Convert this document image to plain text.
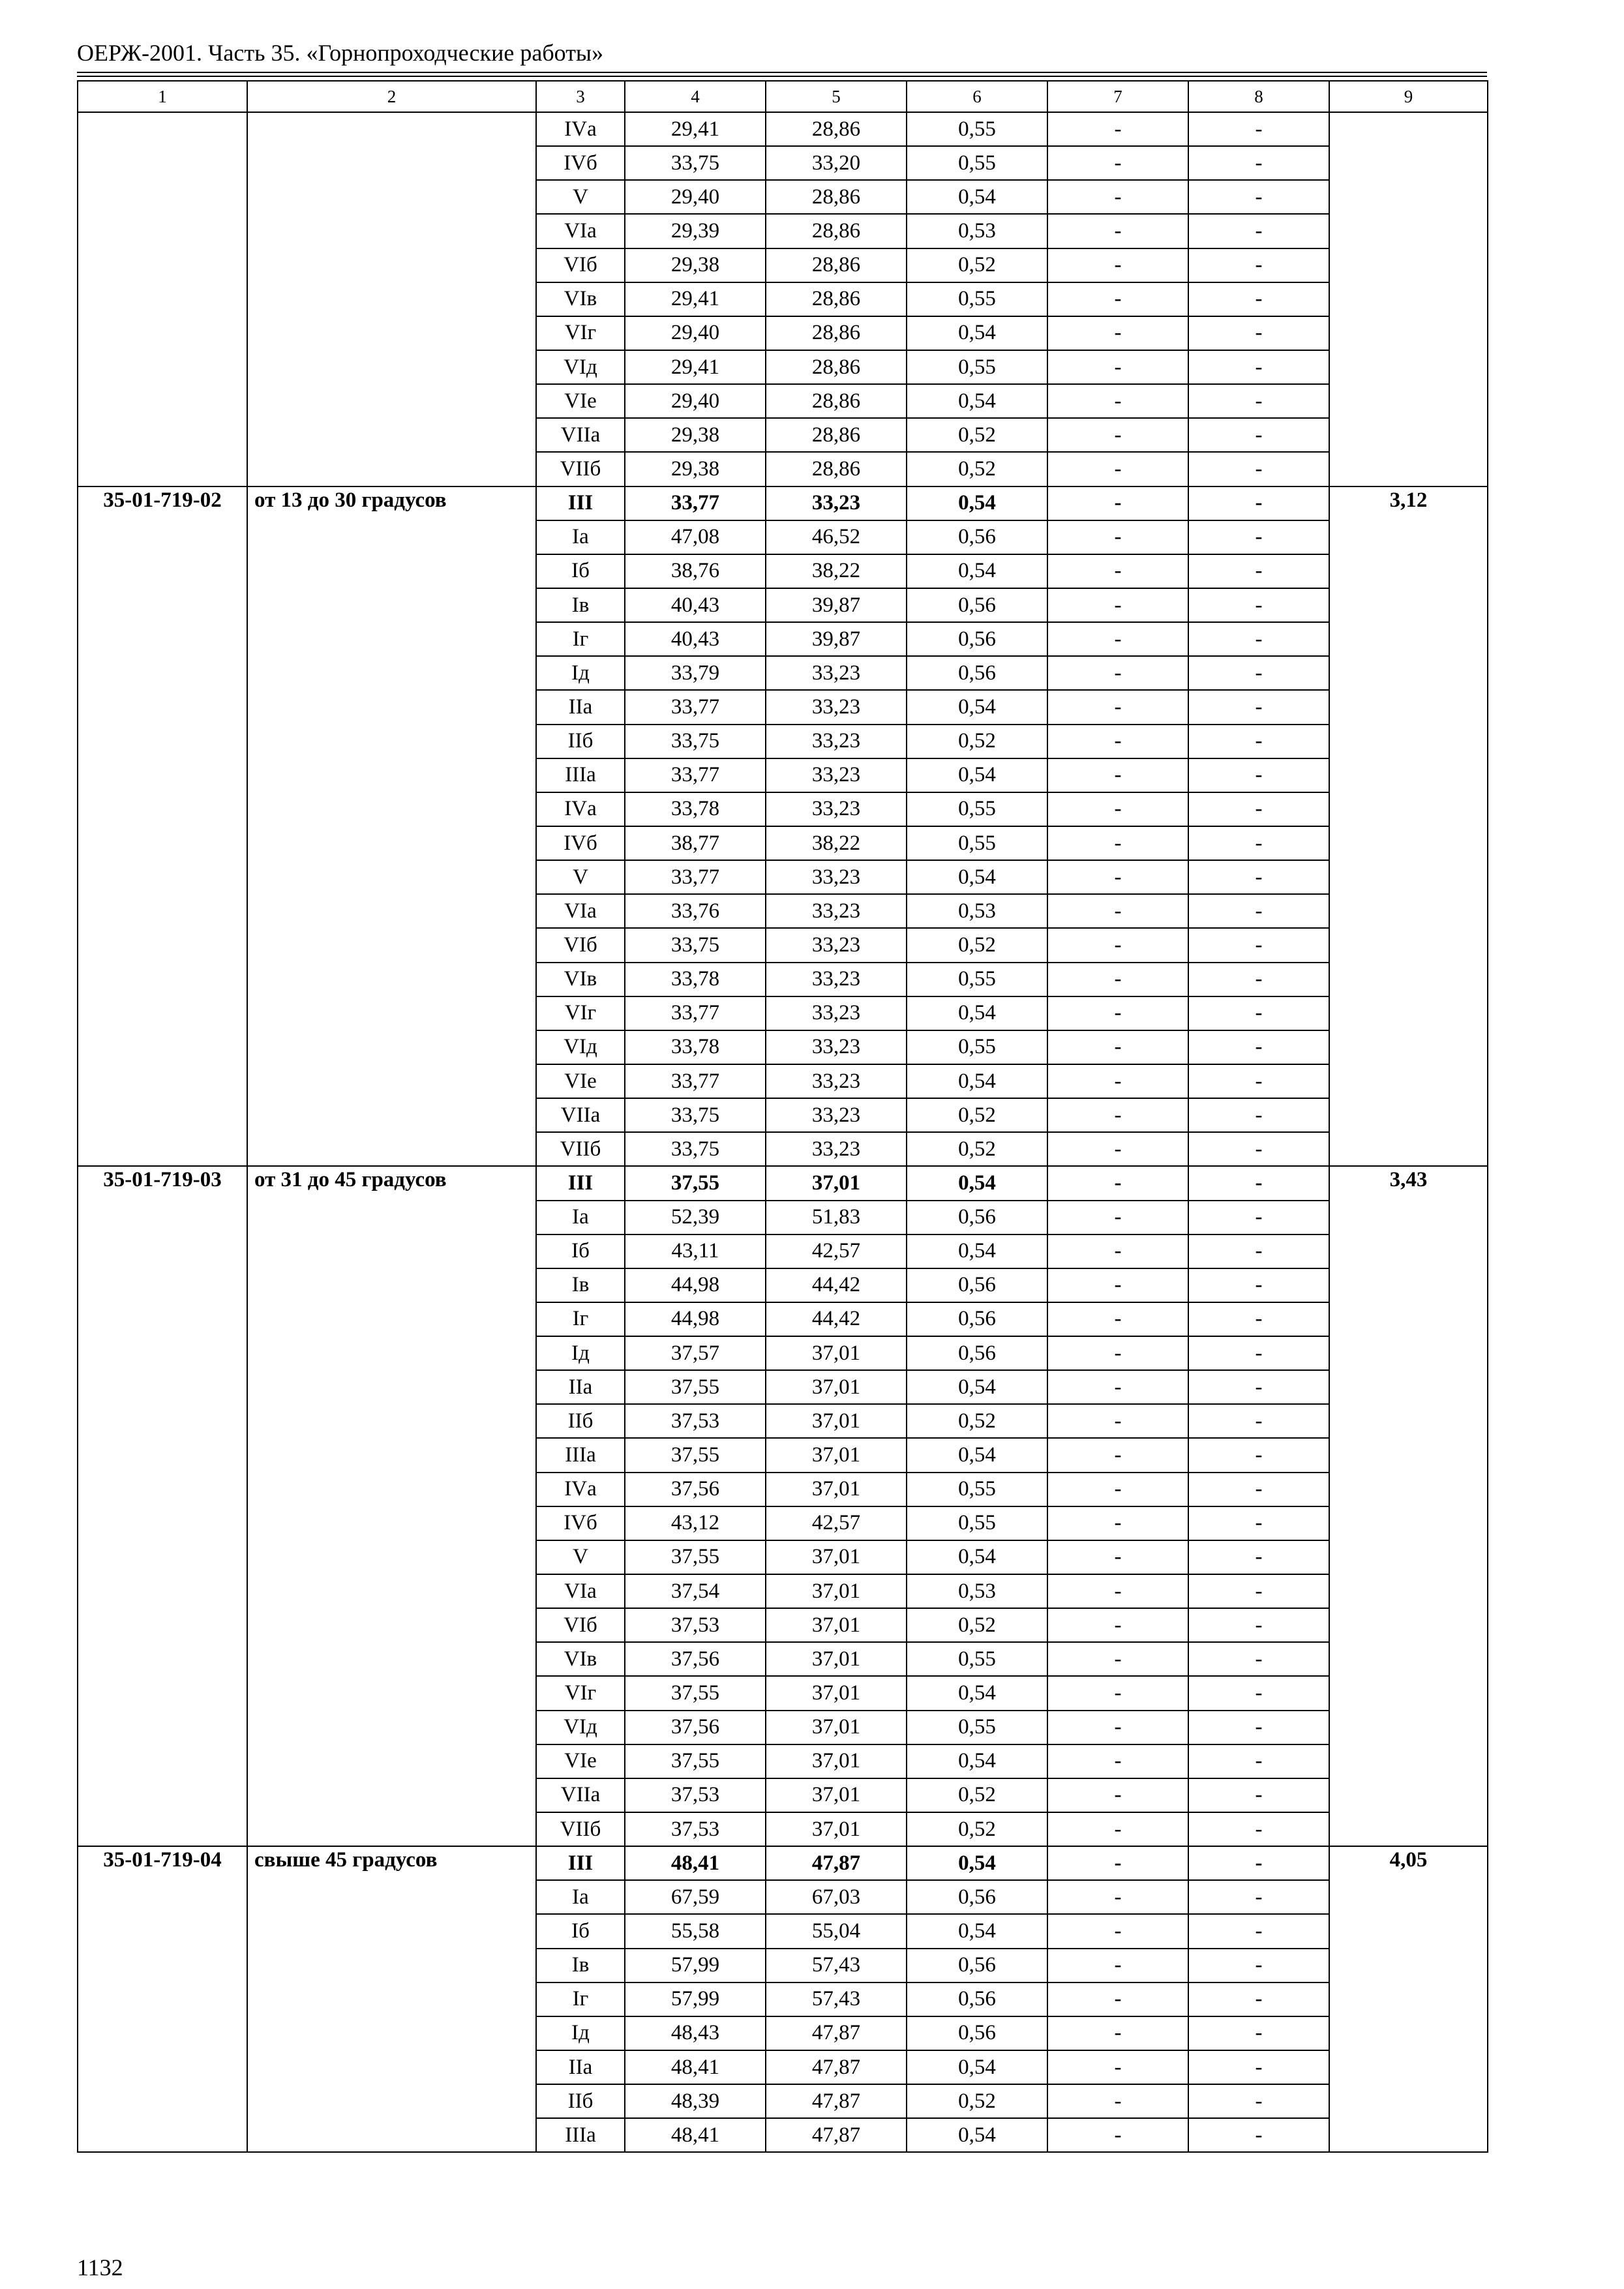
ОЕРЖ-2001. Часть 35. «Горнопроходческие работы»
1	2	3	4	5	6	7	8	9
		IVа	29,41	28,86	0,55	-	-	
		IVб	33,75	33,20	0,55	-	-	
		V	29,40	28,86	0,54	-	-	
		VIа	29,39	28,86	0,53	-	-	
		VIб	29,38	28,86	0,52	-	-	
		VIв	29,41	28,86	0,55	-	-	
		VIг	29,40	28,86	0,54	-	-	
		VIд	29,41	28,86	0,55	-	-	
		VIе	29,40	28,86	0,54	-	-	
		VIIа	29,38	28,86	0,52	-	-	
		VIIб	29,38	28,86	0,52	-	-	
35-01-719-02	от 13 до 30 градусов	III	33,77	33,23	0,54	-	-	3,12
		Iа	47,08	46,52	0,56	-	-	
		Iб	38,76	38,22	0,54	-	-	
		Iв	40,43	39,87	0,56	-	-	
		Iг	40,43	39,87	0,56	-	-	
		Iд	33,79	33,23	0,56	-	-	
		IIа	33,77	33,23	0,54	-	-	
		IIб	33,75	33,23	0,52	-	-	
		IIIа	33,77	33,23	0,54	-	-	
		IVа	33,78	33,23	0,55	-	-	
		IVб	38,77	38,22	0,55	-	-	
		V	33,77	33,23	0,54	-	-	
		VIа	33,76	33,23	0,53	-	-	
		VIб	33,75	33,23	0,52	-	-	
		VIв	33,78	33,23	0,55	-	-	
		VIг	33,77	33,23	0,54	-	-	
		VIд	33,78	33,23	0,55	-	-	
		VIе	33,77	33,23	0,54	-	-	
		VIIа	33,75	33,23	0,52	-	-	
		VIIб	33,75	33,23	0,52	-	-	
35-01-719-03	от 31 до 45 градусов	III	37,55	37,01	0,54	-	-	3,43
		Iа	52,39	51,83	0,56	-	-	
		Iб	43,11	42,57	0,54	-	-	
		Iв	44,98	44,42	0,56	-	-	
		Iг	44,98	44,42	0,56	-	-	
		Iд	37,57	37,01	0,56	-	-	
		IIа	37,55	37,01	0,54	-	-	
		IIб	37,53	37,01	0,52	-	-	
		IIIа	37,55	37,01	0,54	-	-	
		IVа	37,56	37,01	0,55	-	-	
		IVб	43,12	42,57	0,55	-	-	
		V	37,55	37,01	0,54	-	-	
		VIа	37,54	37,01	0,53	-	-	
		VIб	37,53	37,01	0,52	-	-	
		VIв	37,56	37,01	0,55	-	-	
		VIг	37,55	37,01	0,54	-	-	
		VIд	37,56	37,01	0,55	-	-	
		VIе	37,55	37,01	0,54	-	-	
		VIIа	37,53	37,01	0,52	-	-	
		VIIб	37,53	37,01	0,52	-	-	
35-01-719-04	свыше 45 градусов	III	48,41	47,87	0,54	-	-	4,05
		Iа	67,59	67,03	0,56	-	-	
		Iб	55,58	55,04	0,54	-	-	
		Iв	57,99	57,43	0,56	-	-	
		Iг	57,99	57,43	0,56	-	-	
		Iд	48,43	47,87	0,56	-	-	
		IIа	48,41	47,87	0,54	-	-	
		IIб	48,39	47,87	0,52	-	-	
		IIIа	48,41	47,87	0,54	-	-	
1132
